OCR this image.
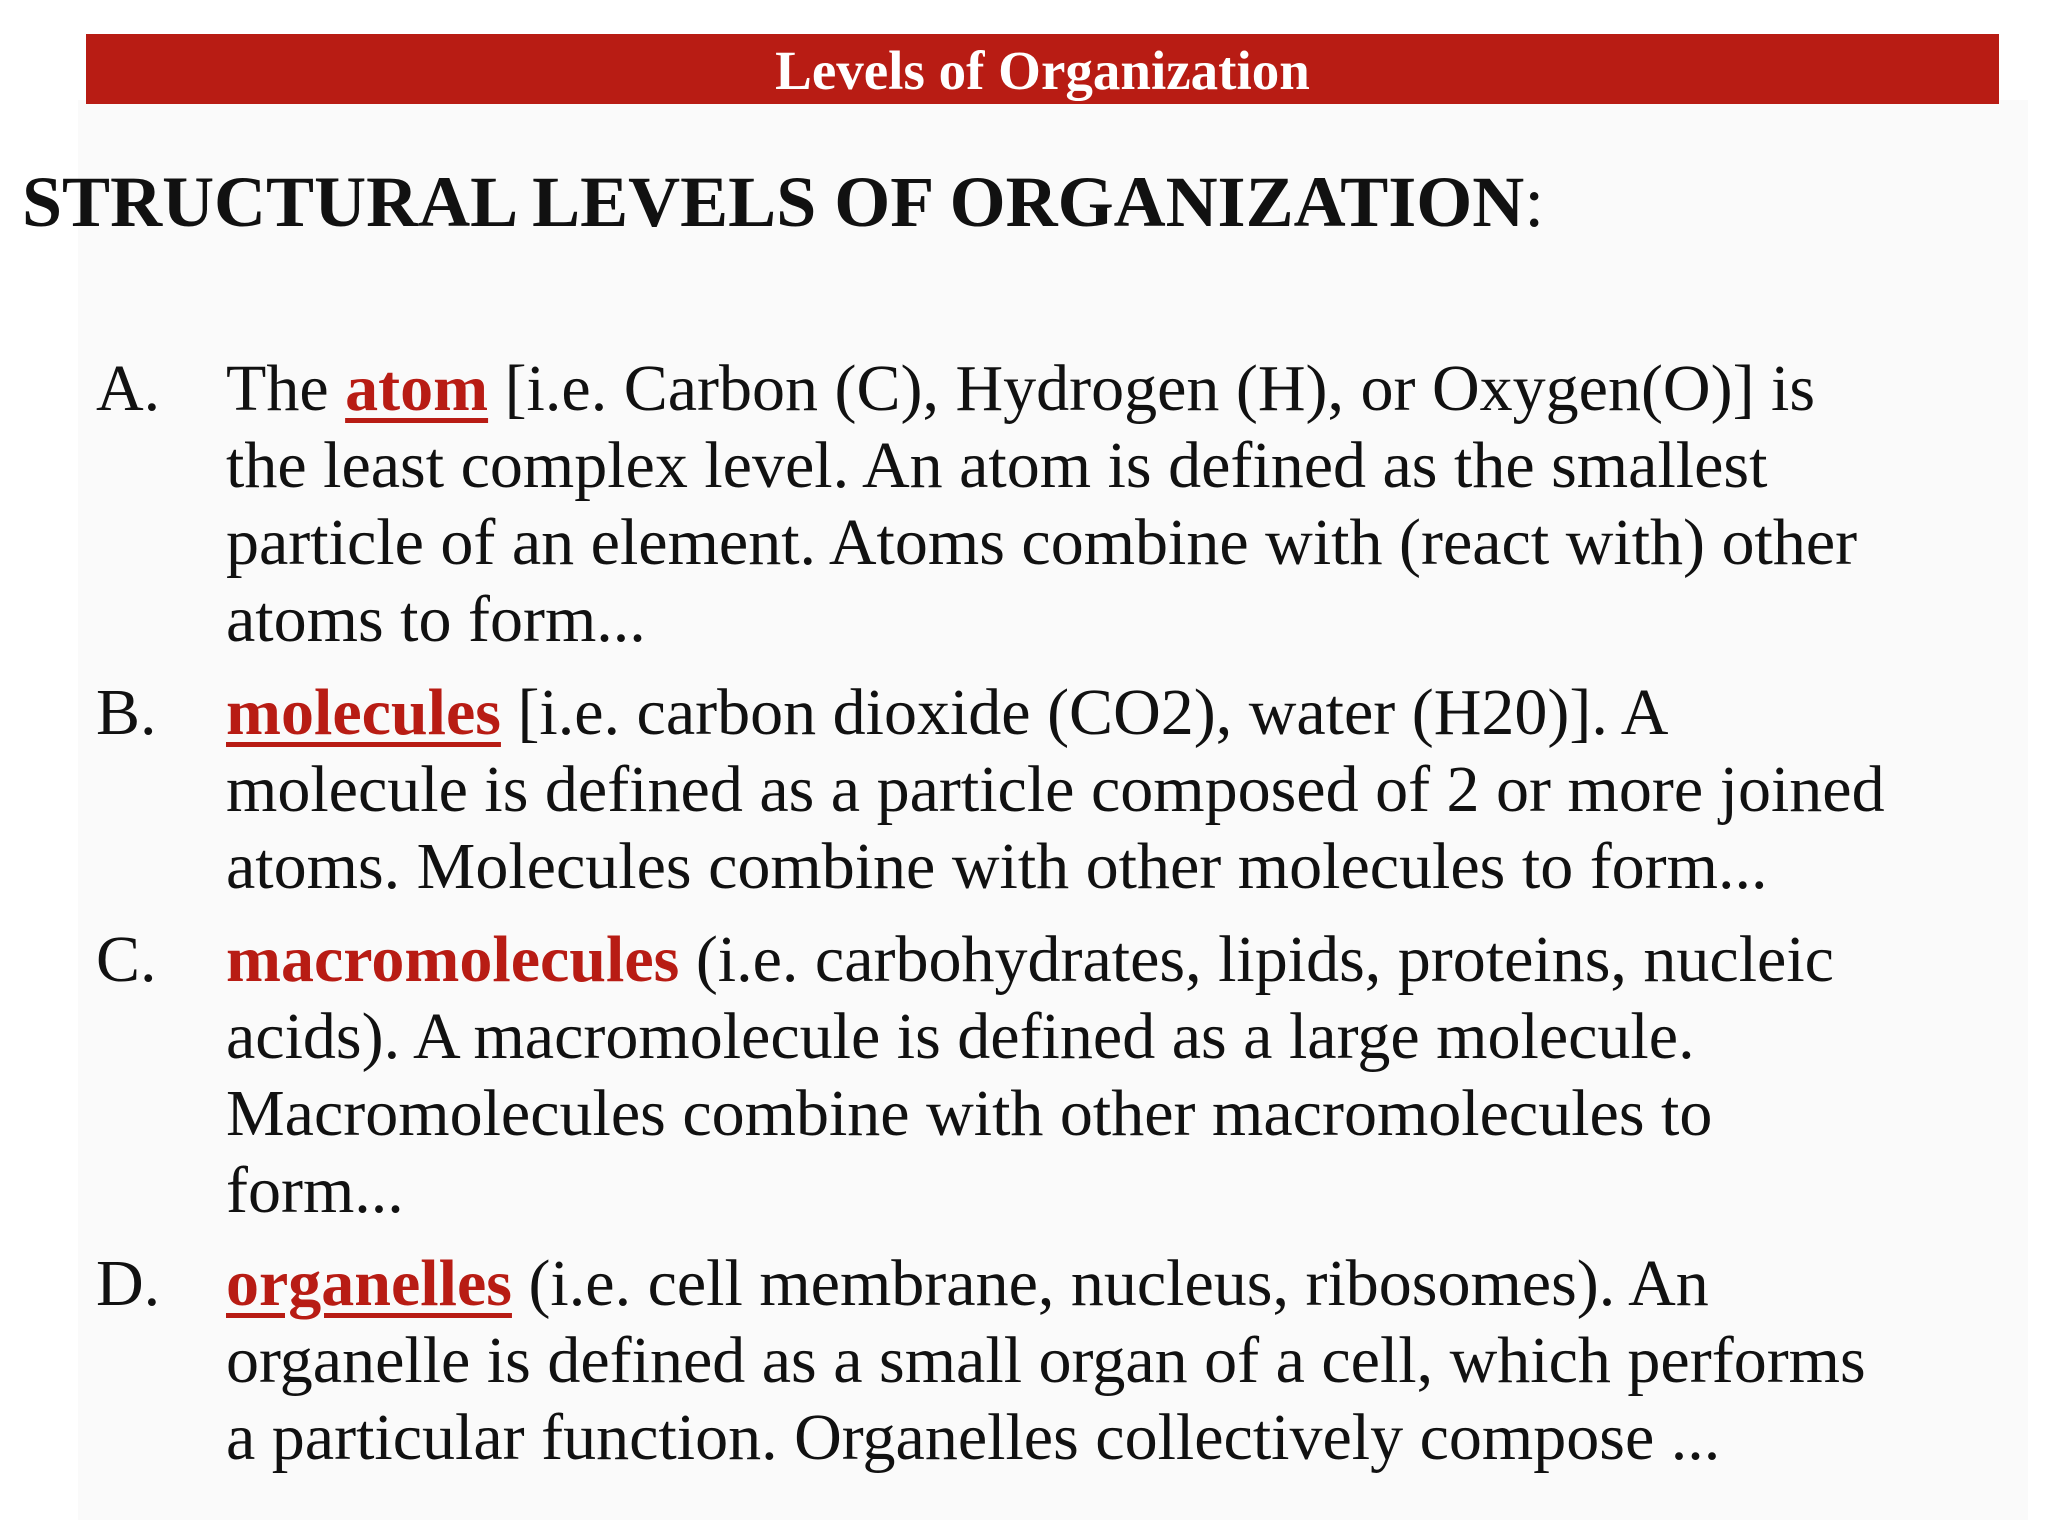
Levels of Organization
STRUCTURAL LEVELS OF ORGANIZATION:
A. The atom [i.e. Carbon (C), Hydrogen (H), or Oxygen(O)] is
the least complex level. An atom is defined as the smallest
particle of an element. Atoms combine with (react with) other
atoms to form...
B.	molecules [i.e. carbon dioxide (CO2), water (H20)]. A
molecule is defined as a particle composed of 2 or more joined
atoms. Molecules combine with other molecules to form...
C.	macromolecules (i.e. carbohydrates, lipids, proteins, nucleic
acids). A macromolecule is defined as a large molecule.
Macromolecules combine with other macromolecules to
form...
D. organelles (i.e. cell membrane, nucleus, ribosomes). An
organelle is defined as a small organ of a cell, which performs
a particular function. Organelles collectively compose ...
